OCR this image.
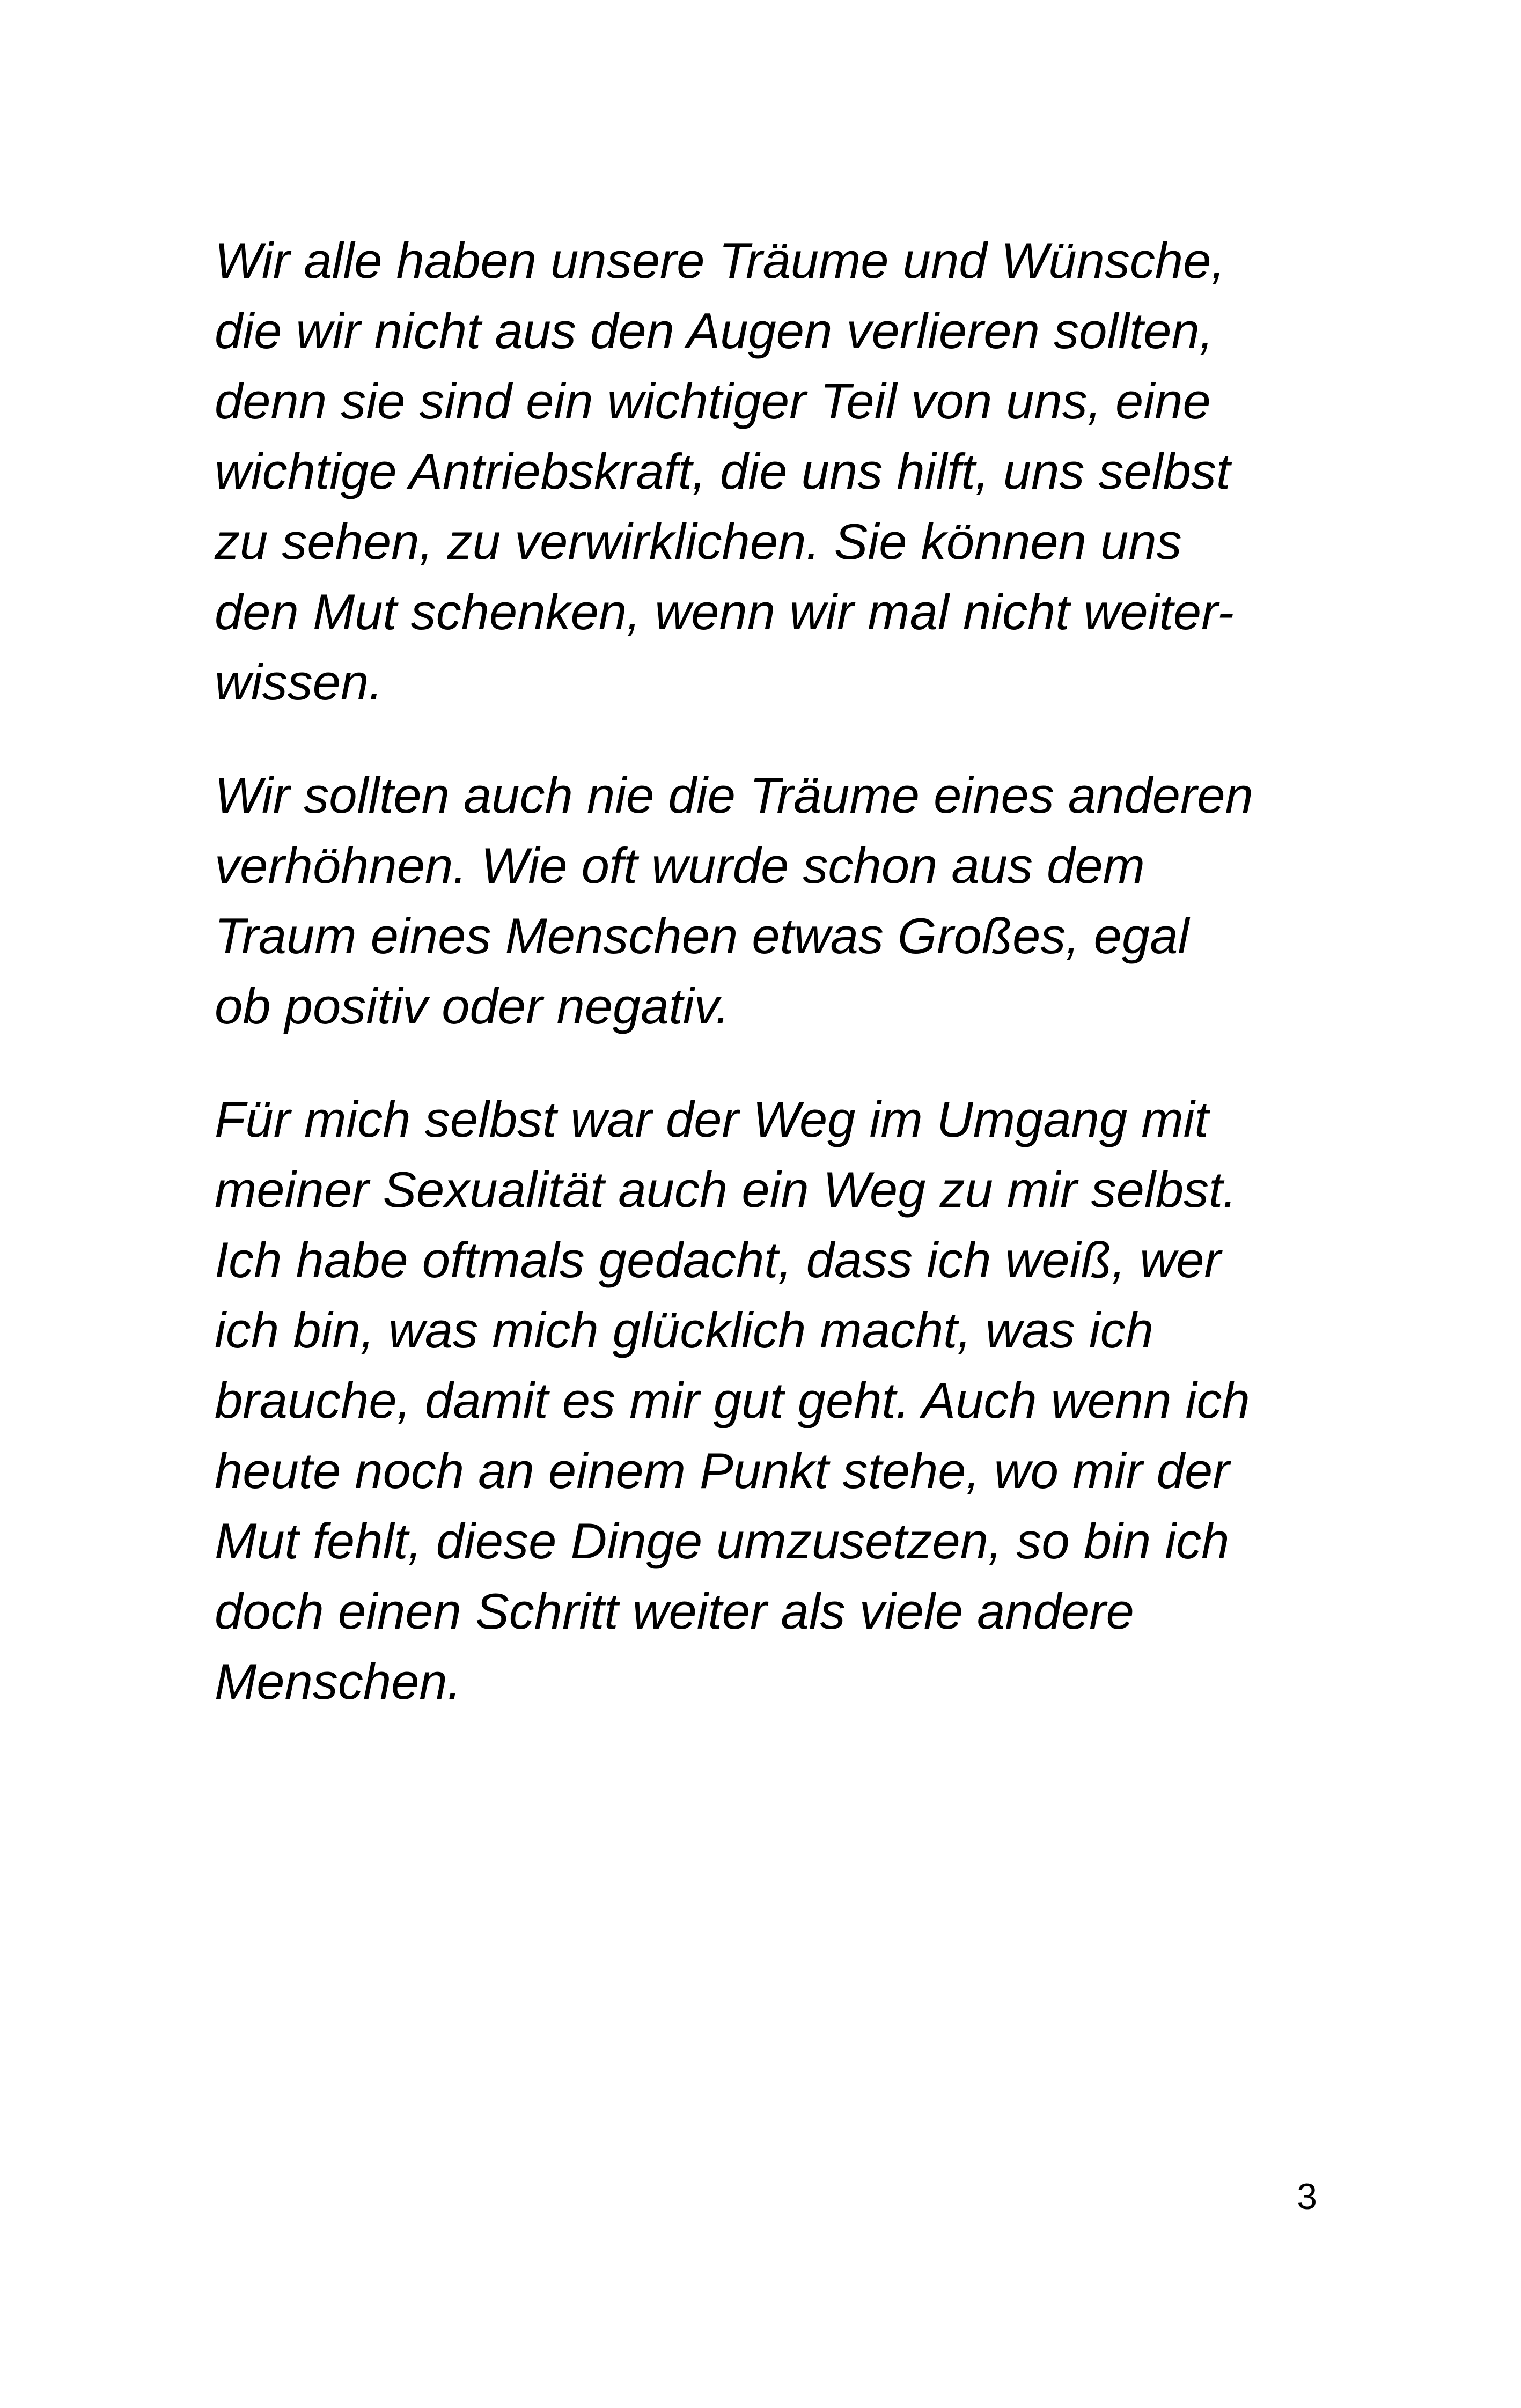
Wir alle haben unsere Träume und Wünsche,
die wir nicht aus den Augen verlieren sollten,
denn sie sind ein wichtiger Teil von uns, eine
wichtige Antriebskraft, die uns hilft, uns selbst
zu sehen, zu verwirklichen. Sie können uns
den Mut schenken, wenn wir mal nicht weiter-
wissen.

Wir sollten auch nie die Träume eines anderen
verhöhnen. Wie oft wurde schon aus dem
Traum eines Menschen etwas Großes, egal
ob positiv oder negativ.

Für mich selbst war der Weg im Umgang mit
meiner Sexualität auch ein Weg zu mir selbst.
Ich habe oftmals gedacht, dass ich weiß, wer
ich bin, was mich glücklich macht, was ich
brauche, damit es mir gut geht. Auch wenn ich
heute noch an einem Punkt stehe, wo mir der
Mut fehlt, diese Dinge umzusetzen, so bin ich
doch einen Schritt weiter als viele andere
Menschen.

3
